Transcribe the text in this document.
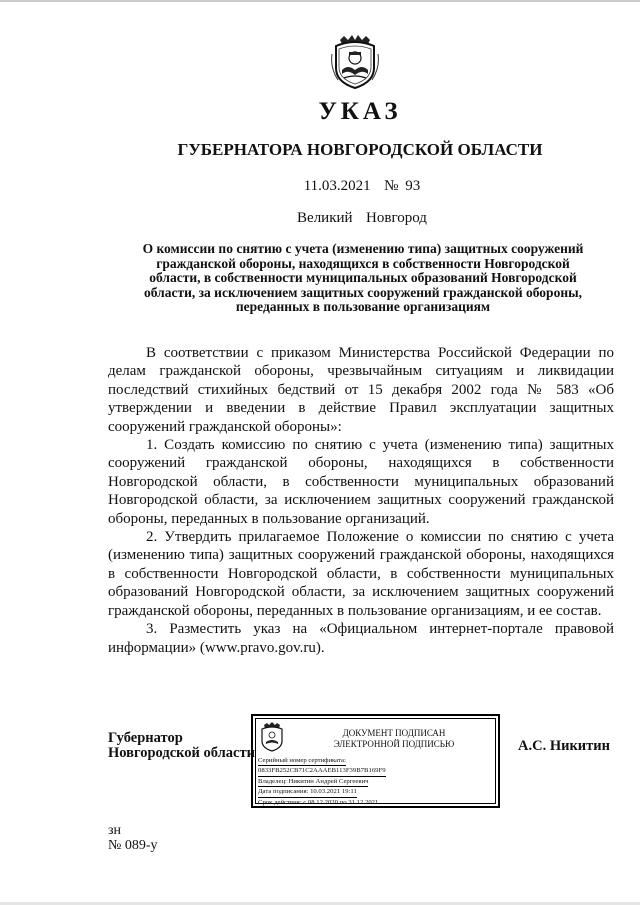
УКАЗ
ГУБЕРНАТОРА НОВГОРОДСКОЙ ОБЛАСТИ
11.03.2021  № 93
Великий  Новгород
О комиссии по снятию с учета (изменению типа) защитных сооружений
гражданской обороны, находящихся в собственности Новгородской
области, в собственности муниципальных образований Новгородской
области, за исключением защитных сооружений гражданской обороны,
переданных в пользование организациям

В соответствии с приказом Министерства Российской Федерации по делам гражданской обороны, чрезвычайным ситуациям и ликвидации последствий стихийных бедствий от 15 декабря 2002 года № 583 «Об утверждении и введении в действие Правил эксплуатации защитных сооружений гражданской обороны»:

1. Создать комиссию по снятию с учета (изменению типа) защитных сооружений гражданской обороны, находящихся в собственности Новгородской области, в собственности муниципальных образований Новгородской области, за исключением защитных сооружений гражданской обороны, переданных в пользование организаций.

2. Утвердить прилагаемое Положение о комиссии по снятию с учета (изменению типа) защитных сооружений гражданской обороны, находящихся в собственности Новгородской области, в собственности муниципальных образований Новгородской области, за исключением защитных сооружений гражданской обороны, переданных в пользование организациям, и ее состав.

3. Разместить указ на «Официальном интернет-портале правовой информации» (www.pravo.gov.ru).

Губернатор
Новгородской области
ДОКУМЕНТ ПОДПИСАН
ЭЛЕКТРОННОЙ ПОДПИСЬЮ
Серийный номер сертификата:
0833FB252CB71C2AAAEB113F39B7B169F9
Владелец: Никитин Андрей Сергеевич
Дата подписания: 10.03.2021 19:11
Срок действия: с 08.12.2020 по 31.12.2021
А.С. Никитин
зн
№ 089-у
